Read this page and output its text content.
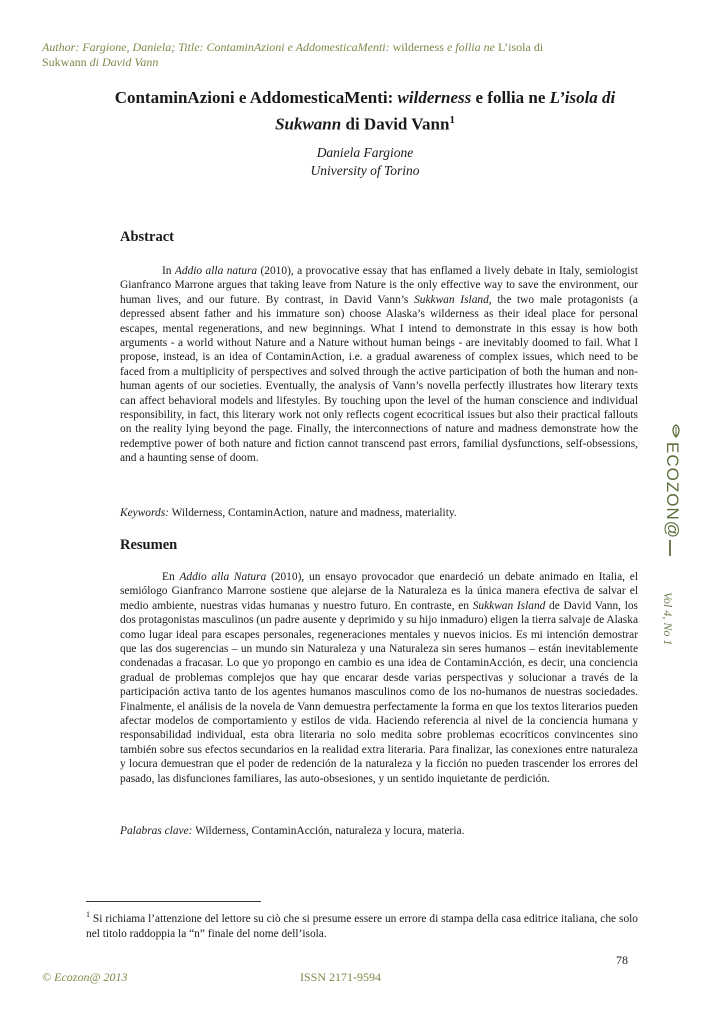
Author: Fargione, Daniela; Title: ContaminAzioni e AddomesticaMenti: wilderness e follia ne L’isola di
Sukwann di David Vann
ContaminAzioni e AddomesticaMenti: wilderness e follia ne L’isola di
Sukwann di David Vann$^1$
Daniela Fargione
University of Torino
Abstract
In Addio alla natura (2010), a provocative essay that has enflamed a lively debate in Italy, semiologist Gianfranco Marrone argues that taking leave from Nature is the only effective way to save the environment, our human lives, and our future. By contrast, in David Vann’s Sukkwan Island, the two male protagonists (a depressed absent father and his immature son) choose Alaska’s wilderness as their ideal place for personal escapes, mental regenerations, and new beginnings. What I intend to demonstrate in this essay is how both arguments - a world without Nature and a Nature without human beings - are inevitably doomed to fail. What I propose, instead, is an idea of ContaminAction, i.e. a gradual awareness of complex issues, which need to be faced from a multiplicity of perspectives and solved through the active participation of both the human and non-human agents of our societies. Eventually, the analysis of Vann’s novella perfectly illustrates how literary texts can affect behavioral models and lifestyles. By touching upon the level of the human conscience and individual responsibility, in fact, this literary work not only reflects cogent ecocritical issues but also their practical fallouts on the reality lying beyond the page. Finally, the interconnections of nature and madness demonstrate how the redemptive power of both nature and fiction cannot transcend past errors, familial dysfunctions, self-obsessions, and a haunting sense of doom.
Keywords: Wilderness, ContaminAction, nature and madness, materiality.
Resumen
En Addio alla Natura (2010), un ensayo provocador que enardeció un debate animado en Italia, el semiólogo Gianfranco Marrone sostiene que alejarse de la Naturaleza es la única manera efectiva de salvar el medio ambiente, nuestras vidas humanas y nuestro futuro. En contraste, en Sukkwan Island de David Vann, los dos protagonistas masculinos (un padre ausente y deprimido y su hijo inmaduro) eligen la tierra salvaje de Alaska como lugar ideal para escapes personales, regeneraciones mentales y nuevos inicios. Es mi intención demostrar que las dos sugerencias – un mundo sin Naturaleza y una Naturaleza sin seres humanos – están inevitablemente condenadas a fracasar. Lo que yo propongo en cambio es una idea de ContaminAcción, es decir, una conciencia gradual de problemas complejos que hay que encarar desde varias perspectivas y solucionar a través de la participación activa tanto de los agentes humanos masculinos como de los no-humanos de nuestras sociedades. Finalmente, el análisis de la novela de Vann demuestra perfectamente la forma en que los textos literarios pueden afectar modelos de comportamiento y estilos de vida. Haciendo referencia al nivel de la conciencia humana y responsabilidad individual, esta obra literaria no solo medita sobre problemas ecocríticos convincentes sino también sobre sus efectos secundarios en la realidad extra literaria. Para finalizar, las conexiones entre naturaleza y locura demuestran que el poder de redención de la naturaleza y la ficción no pueden trascender los errores del pasado, las disfunciones familiares, las auto-obsesiones, y un sentido inquietante de perdición.
Palabras clave: Wilderness, ContaminAcción, naturaleza y locura, materia.
ECOZON@
Vol 4, No 1
$^1$ Si richiama l’attenzione del lettore su ciò che si presume essere un errore di stampa della casa editrice italiana, che solo nel titolo raddoppia la “n” finale del nome dell’isola.
78
© Ecozon@ 2013	ISSN 2171-9594
